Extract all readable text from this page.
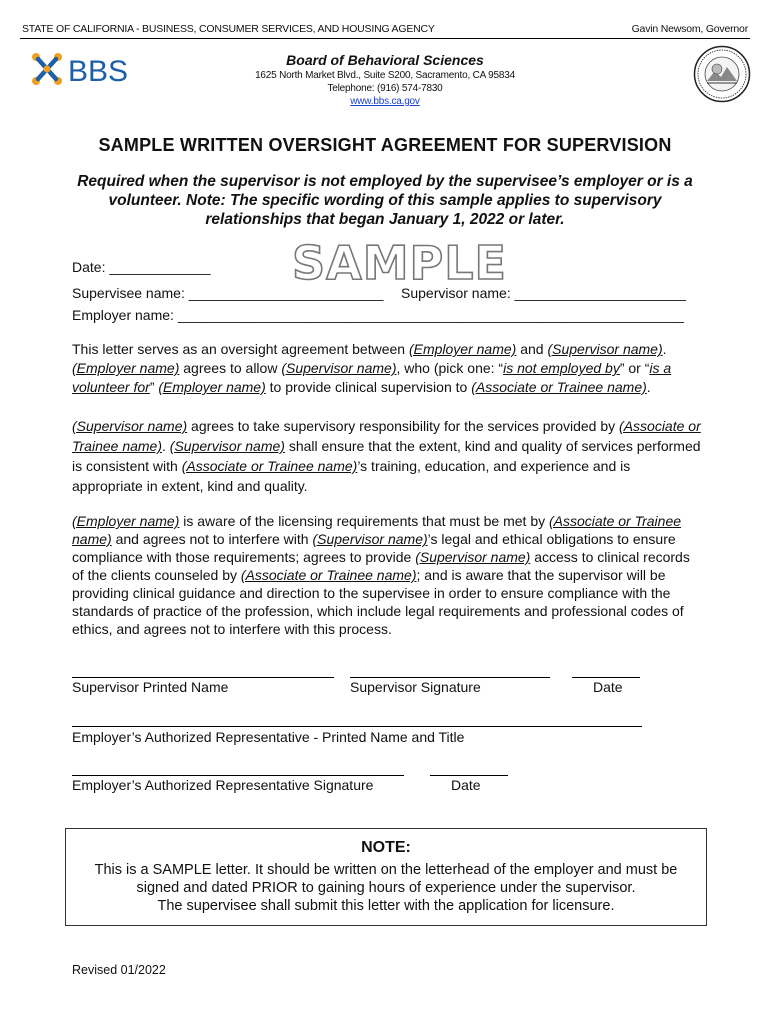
STATE OF CALIFORNIA - BUSINESS, CONSUMER SERVICES, AND HOUSING AGENCY	Gavin Newsom, Governor
BBS	Board of Behavioral Sciences
1625 North Market Blvd., Suite S200, Sacramento, CA 95834
Telephone: (916) 574-7830
www.bbs.ca.gov
SAMPLE WRITTEN OVERSIGHT AGREEMENT FOR SUPERVISION
Required when the supervisor is not employed by the supervisee’s employer or is a volunteer. Note: The specific wording of this sample applies to supervisory relationships that began January 1, 2022 or later.
SAMPLE
Date: _____________
Supervisee name: _________________________ Supervisor name: ______________________
Employer name: _________________________________________________________________
This letter serves as an oversight agreement between (Employer name) and (Supervisor name).
(Employer name) agrees to allow (Supervisor name), who (pick one: “is not employed by” or “is a volunteer for” (Employer name) to provide clinical supervision to (Associate or Trainee name).
(Supervisor name) agrees to take supervisory responsibility for the services provided by (Associate or Trainee name). (Supervisor name) shall ensure that the extent, kind and quality of services performed is consistent with (Associate or Trainee name)’s training, education, and experience and is appropriate in extent, kind and quality.
(Employer name) is aware of the licensing requirements that must be met by (Associate or Trainee name) and agrees not to interfere with (Supervisor name)’s legal and ethical obligations to ensure compliance with those requirements; agrees to provide (Supervisor name) access to clinical records of the clients counseled by (Associate or Trainee name); and is aware that the supervisor will be providing clinical guidance and direction to the supervisee in order to ensure compliance with the standards of practice of the profession, which include legal requirements and professional codes of ethics, and agrees not to interfere with this process.
Supervisor Printed Name	Supervisor Signature	Date
Employer’s Authorized Representative - Printed Name and Title
Employer’s Authorized Representative Signature	Date
NOTE:
This is a SAMPLE letter. It should be written on the letterhead of the employer and must be
signed and dated PRIOR to gaining hours of experience under the supervisor.
The supervisee shall submit this letter with the application for licensure.
Revised 01/2022
